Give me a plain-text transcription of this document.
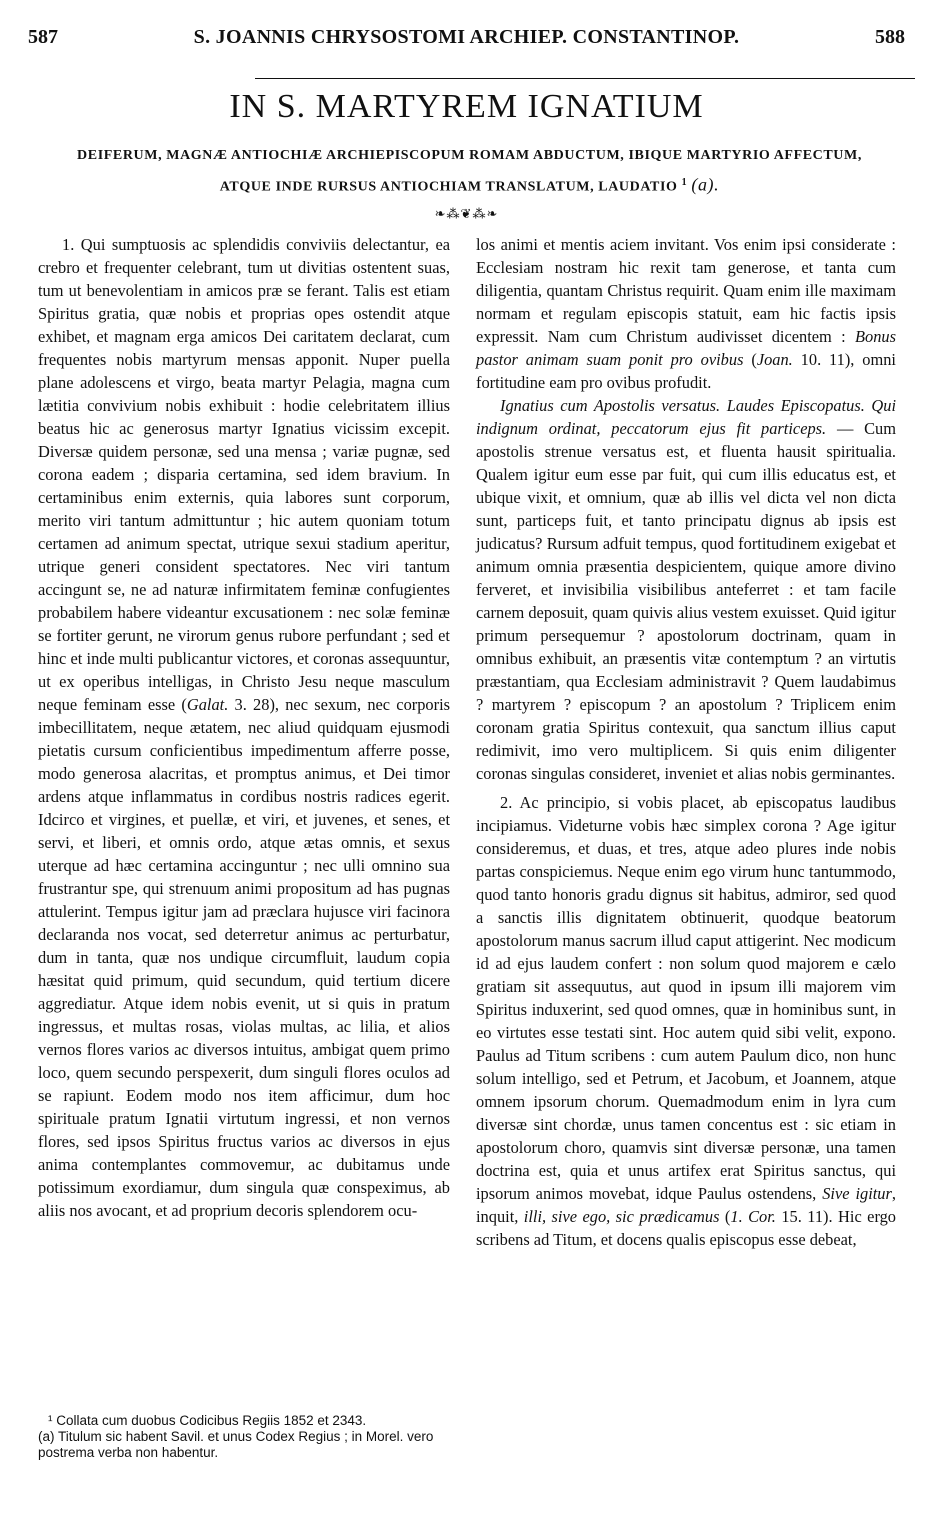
587	S. JOANNIS CHRYSOSTOMI ARCHIEP. CONSTANTINOP.	588
IN S. MARTYREM IGNATIUM
DEIFERUM, MAGNÆ ANTIOCHIÆ ARCHIEPISCOPUM ROMAM ABDUCTUM, IBIQUE MARTYRIO AFFECTUM,
ATQUE INDE RURSUS ANTIOCHIAM TRANSLATUM, LAUDATIO $^1$ (a).
❧⁂❦⁂❧

1. Qui sumptuosis ac splendidis conviviis delectantur, ea crebro et frequenter celebrant, tum ut divitias ostentent suas, tum ut benevolentiam in amicos præ se ferant. Talis est etiam Spiritus gratia, quæ nobis et proprias opes ostendit atque exhibet, et magnam erga amicos Dei caritatem declarat, cum frequentes nobis martyrum mensas apponit. Nuper puella plane adolescens et virgo, beata martyr Pelagia, magna cum lætitia convivium nobis exhibuit : hodie celebritatem illius beatus hic ac generosus martyr Ignatius vicissim excepit. Diversæ quidem personæ, sed una mensa ; variæ pugnæ, sed corona eadem ; disparia certamina, sed idem bravium. In certaminibus enim externis, quia labores sunt corporum, merito viri tantum admittuntur ; hic autem quoniam totum certamen ad animum spectat, utrique sexui stadium aperitur, utrique generi consident spectatores. Nec viri tantum accingunt se, ne ad naturæ infirmitatem feminæ confugientes probabilem habere videantur excusationem : nec solæ feminæ se fortiter gerunt, ne virorum genus rubore perfundant ; sed et hinc et inde multi publicantur victores, et coronas assequuntur, ut ex operibus intelligas, in Christo Jesu neque masculum neque feminam esse (Galat. 3. 28), nec sexum, nec corporis imbecillitatem, neque ætatem, nec aliud quidquam ejusmodi pietatis cursum conficientibus impedimentum afferre posse, modo generosa alacritas, et promptus animus, et Dei timor ardens atque inflammatus in cordibus nostris radices egerit. Idcirco et virgines, et puellæ, et viri, et juvenes, et senes, et servi, et liberi, et omnis ordo, atque ætas omnis, et sexus uterque ad hæc certamina accinguntur ; nec ulli omnino sua frustrantur spe, qui strenuum animi propositum ad has pugnas attulerint. Tempus igitur jam ad præclara hujusce viri facinora declaranda nos vocat, sed deterretur animus ac perturbatur, dum in tanta, quæ nos undique circumfluit, laudum copia hæsitat quid primum, quid secundum, quid tertium dicere aggrediatur. Atque idem nobis evenit, ut si quis in pratum ingressus, et multas rosas, violas multas, ac lilia, et alios vernos flores varios ac diversos intuitus, ambigat quem primo loco, quem secundo perspexerit, dum singuli flores oculos ad se rapiunt. Eodem modo nos item afficimur, dum hoc spirituale pratum Ignatii virtutum ingressi, et non vernos flores, sed ipsos Spiritus fructus varios ac diversos in ejus anima contemplantes commovemur, ac dubitamus unde potissimum exordiamur, dum singula quæ conspeximus, ab aliis nos avocant, et ad proprium decoris splendorem ocu-

los animi et mentis aciem invitant. Vos enim ipsi considerate : Ecclesiam nostram hic rexit tam generose, et tanta cum diligentia, quantam Christus requirit. Quam enim ille maximam normam et regulam episcopis statuit, eam hic factis ipsis expressit. Nam cum Christum audivisset dicentem : Bonus pastor animam suam ponit pro ovibus (Joan. 10. 11), omni fortitudine eam pro ovibus profudit.

Ignatius cum Apostolis versatus. Laudes Episcopatus. Qui indignum ordinat, peccatorum ejus fit particeps. — Cum apostolis strenue versatus est, et fluenta hausit spiritualia. Qualem igitur eum esse par fuit, qui cum illis educatus est, et ubique vixit, et omnium, quæ ab illis vel dicta vel non dicta sunt, particeps fuit, et tanto principatu dignus ab ipsis est judicatus? Rursum adfuit tempus, quod fortitudinem exigebat et animum omnia præsentia despicientem, quique amore divino ferveret, et invisibilia visibilibus anteferret : et tam facile carnem deposuit, quam quivis alius vestem exuisset. Quid igitur primum persequemur ? apostolorum doctrinam, quam in omnibus exhibuit, an præsentis vitæ contemptum ? an virtutis præstantiam, qua Ecclesiam administravit ? Quem laudabimus ? martyrem ? episcopum ? an apostolum ? Triplicem enim coronam gratia Spiritus contexuit, qua sanctum illius caput redimivit, imo vero multiplicem. Si quis enim diligenter coronas singulas consideret, inveniet et alias nobis germinantes.

2. Ac principio, si vobis placet, ab episcopatus laudibus incipiamus. Videturne vobis hæc simplex corona ? Age igitur consideremus, et duas, et tres, atque adeo plures inde nobis partas conspiciemus. Neque enim ego virum hunc tantummodo, quod tanto honoris gradu dignus sit habitus, admiror, sed quod a sanctis illis dignitatem obtinuerit, quodque beatorum apostolorum manus sacrum illud caput attigerint. Nec modicum id ad ejus laudem confert : non solum quod majorem e cælo gratiam sit assequutus, aut quod in ipsum illi majorem vim Spiritus induxerint, sed quod omnes, quæ in hominibus sunt, in eo virtutes esse testati sint. Hoc autem quid sibi velit, expono. Paulus ad Titum scribens : cum autem Paulum dico, non hunc solum intelligo, sed et Petrum, et Jacobum, et Joannem, atque omnem ipsorum chorum. Quemadmodum enim in lyra cum diversæ sint chordæ, unus tamen concentus est : sic etiam in apostolorum choro, quamvis sint diversæ personæ, una tamen doctrina est, quia et unus artifex erat Spiritus sanctus, qui ipsorum animos movebat, idque Paulus ostendens, Sive igitur, inquit, illi, sive ego, sic prædicamus (1. Cor. 15. 11). Hic ergo scribens ad Titum, et docens qualis episcopus esse debeat,

¹ Collata cum duobus Codicibus Regiis 1852 et 2343.

(a) Titulum sic habent Savil. et unus Codex Regius ; in Morel. vero postrema verba non habentur.
